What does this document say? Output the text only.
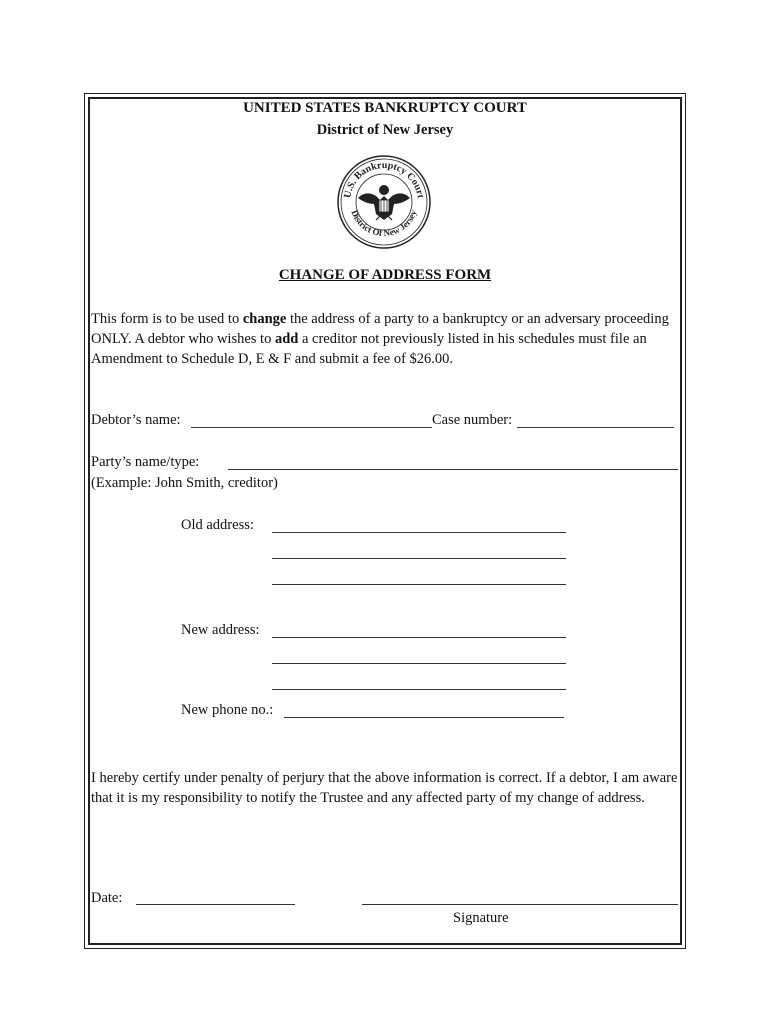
UNITED STATES BANKRUPTCY COURT
District of New Jersey
U.S. Bankruptcy Court
District Of New Jersey
CHANGE OF ADDRESS FORM
This form is to be used to change the address of a party to a bankruptcy or an adversary proceeding ONLY. A debtor who wishes to add a creditor not previously listed in his schedules must file an Amendment to Schedule D, E & F and submit a fee of $26.00.
Debtor’s name:	Case number:
Party’s name/type:
(Example: John Smith, creditor)
Old address:
New address:
New phone no.:
I hereby certify under penalty of perjury that the above information is correct. If a debtor, I am aware that it is my responsibility to notify the Trustee and any affected party of my change of address.
Date:
Signature
